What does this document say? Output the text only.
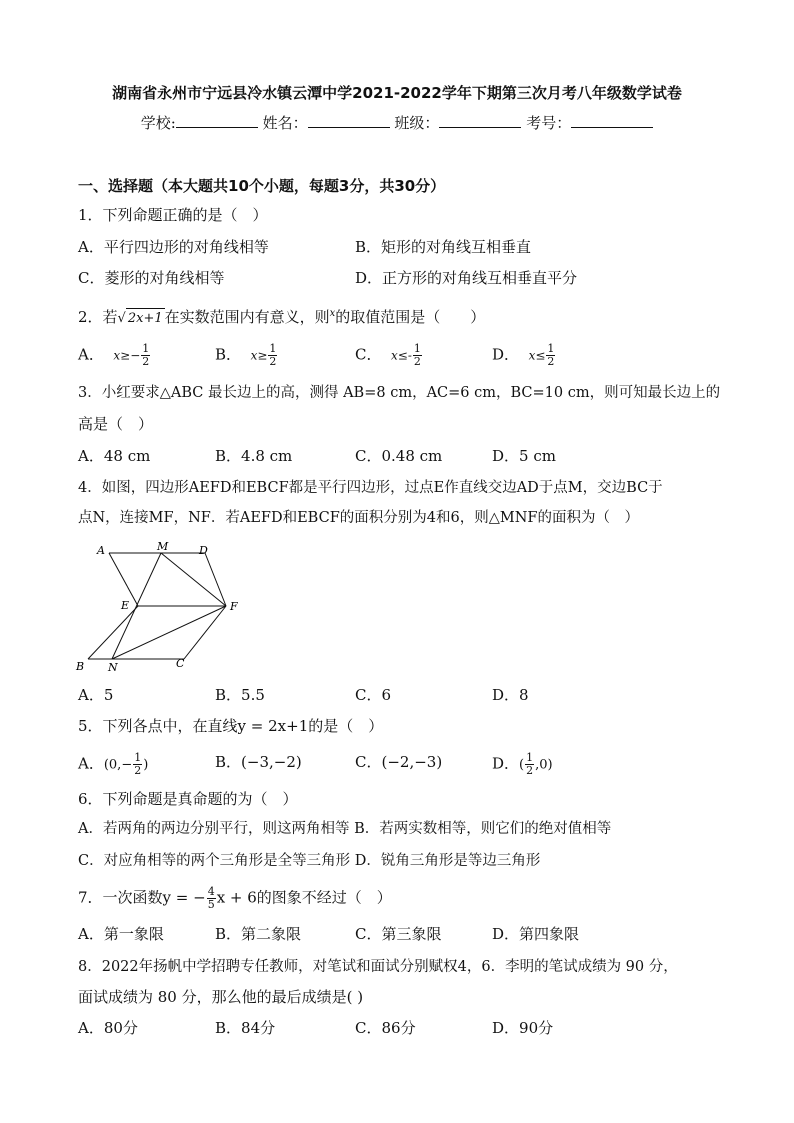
湖南省永州市宁远县冷水镇云潭中学2021-2022学年下期第三次月考八年级数学试卷
学校:	姓名：	班级：	考号：
一、选择题（本大题共10个小题，每题3分，共30分）
1．下列命题正确的是（　）
A．平行四边形的对角线相等	B．矩形的对角线互相垂直
C．菱形的对角线相等	D．正方形的对角线互相垂直平分
2．若√ 2x+1 在实数范围内有意义，则$^x$的取值范围是（　　）
A． $x\ge- \frac{1}{2}$	B． $x\ge \frac{1}{2}$	C． $x\le- \frac{1}{2}$	D． $x\le \frac{1}{2}$
3．小红要求△ABC 最长边上的高，测得 AB=8 cm，AC=6 cm，BC=10 cm，则可知最长边上的
高是（　）
A．48 cm	B．4.8 cm	C．0.48 cm	D．5 cm
4．如图，四边形AEFD和EBCF都是平行四边形，过点E作直线交边AD于点M，交边BC于
点N，连接MF，NF．若AEFD和EBCF的面积分别为4和6，则△MNF的面积为（　）
A	M	D
E	F
B N	C
A．5	B．5.5	C．6	D．8
5．下列各点中，在直线y = 2x+1的是（　）
A．($0,- \frac{1}{2}$ )	B．(−3,−2)	C．(−2,−3)	D．( $\frac{1}{2} ,0$)
6．下列命题是真命题的为（　）
A．若两角的两边分别平行，则这两角相等 B．若两实数相等，则它们的绝对值相等
C．对应角相等的两个三角形是全等三角形 D．锐角三角形是等边三角形
7．一次函数y = − $\frac{4}{5}$ x + 6的图象不经过（　）
A．第一象限	B．第二象限	C．第三象限	D．第四象限
8．2022年扬帆中学招聘专任教师，对笔试和面试分别赋权4，6．李明的笔试成绩为 90 分，
面试成绩为 80 分，那么他的最后成绩是( )
A．80分	B．84分	C．86分	D．90分
